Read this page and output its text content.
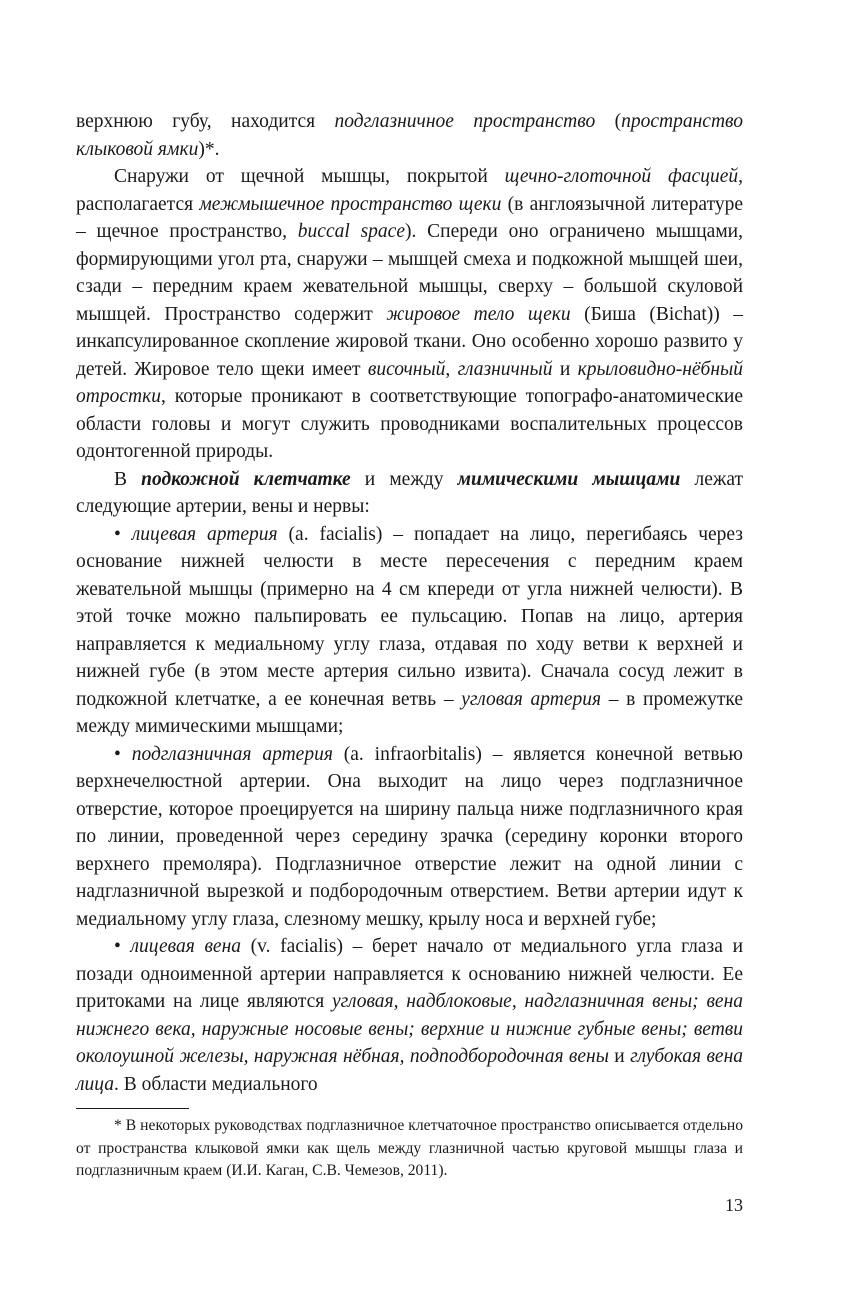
верхнюю губу, находится подглазничное пространство (пространство клыковой ямки)*.

Снаружи от щечной мышцы, покрытой щечно-глоточной фасцией, располагается межмышечное пространство щеки (в англоязычной литературе – щечное пространство, buccal space). Спереди оно ограничено мышцами, формирующими угол рта, снаружи – мышцей смеха и подкожной мышцей шеи, сзади – передним краем жевательной мышцы, сверху – большой скуловой мышцей. Пространство содержит жировое тело щеки (Биша (Bichat)) – инкапсулированное скопление жировой ткани. Оно особенно хорошо развито у детей. Жировое тело щеки имеет височный, глазничный и крыловидно-нёбный отростки, которые проникают в соответствующие топографо-анатомические области головы и могут служить проводниками воспалительных процессов одонтогенной природы.

В подкожной клетчатке и между мимическими мышцами лежат следующие артерии, вены и нервы:

• лицевая артерия (a. facialis) – попадает на лицо, перегибаясь через основание нижней челюсти в месте пересечения с передним краем жевательной мышцы (примерно на 4 см кпереди от угла нижней челюсти). В этой точке можно пальпировать ее пульсацию. Попав на лицо, артерия направляется к медиальному углу глаза, отдавая по ходу ветви к верхней и нижней губе (в этом месте артерия сильно извита). Сначала сосуд лежит в подкожной клетчатке, а ее конечная ветвь – угловая артерия – в промежутке между мимическими мышцами;

• подглазничная артерия (a. infraorbitalis) – является конечной ветвью верхнечелюстной артерии. Она выходит на лицо через подглазничное отверстие, которое проецируется на ширину пальца ниже подглазничного края по линии, проведенной через середину зрачка (середину коронки второго верхнего премоляра). Подглазничное отверстие лежит на одной линии с надглазничной вырезкой и подбородочным отверстием. Ветви артерии идут к медиальному углу глаза, слезному мешку, крылу носа и верхней губе;

• лицевая вена (v. facialis) – берет начало от медиального угла глаза и позади одноименной артерии направляется к основанию нижней челюсти. Ее притоками на лице являются угловая, надблоковые, надглазничная вены; вена нижнего века, наружные носовые вены; верхние и нижние губные вены; ветви околоушной железы, наружная нёбная, подподбородочная вены и глубокая вена лица. В области медиального

* В некоторых руководствах подглазничное клетчаточное пространство описывается отдельно от пространства клыковой ямки как щель между глазничной частью круговой мышцы глаза и подглазничным краем (И.И. Каган, С.В. Чемезов, 2011).

13
